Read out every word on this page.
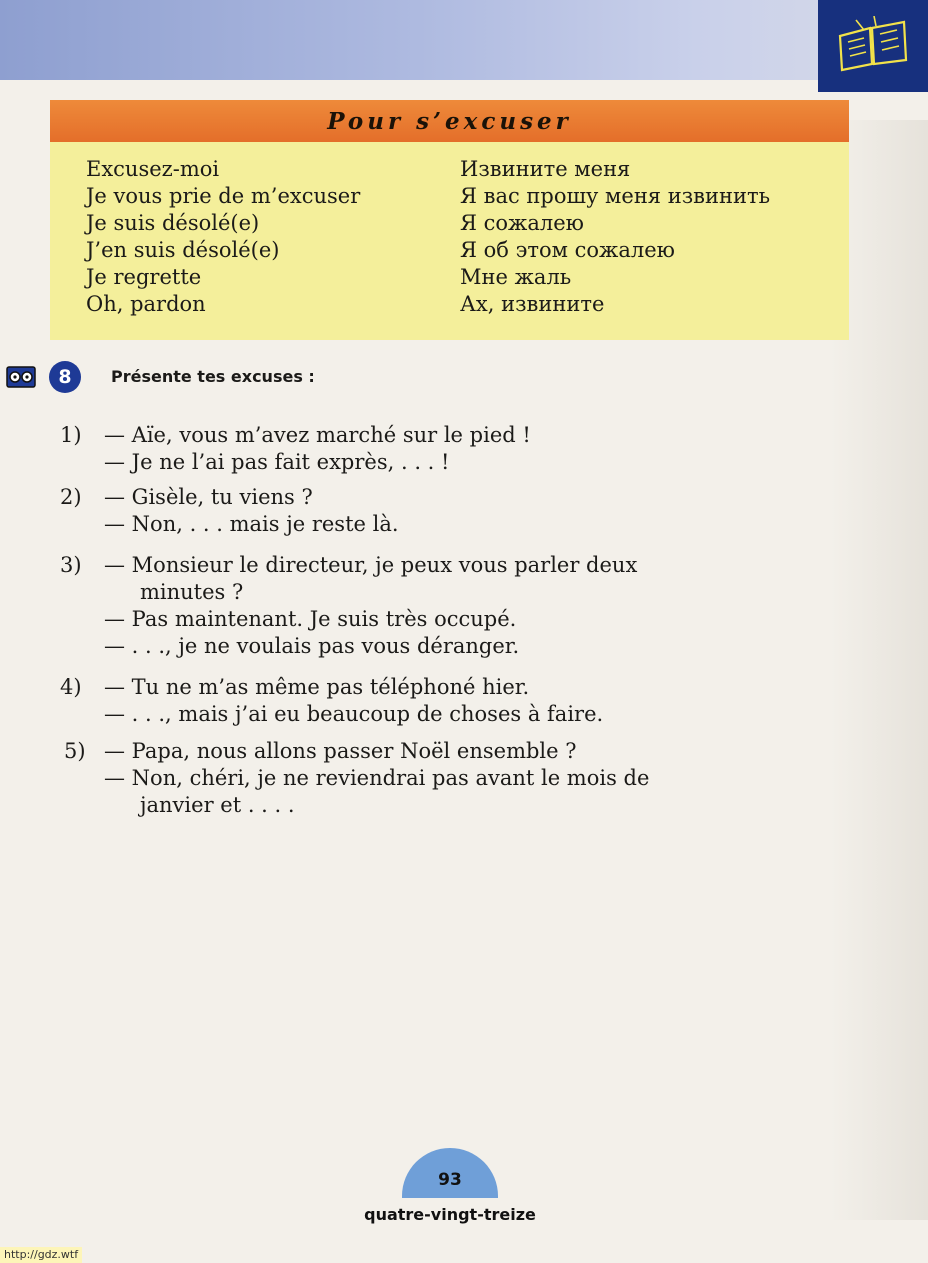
Pour s’excuser
Excusez-moi
Je vous prie de m’excuser
Je suis désolé(e)
J’en suis désolé(e)
Je regrette
Oh, pardon
Извините меня
Я вас прошу меня извинить
Я сожалею
Я об этом сожалею
Мне жаль
Ах, извините
8	Présente tes excuses :
1) — Aïe, vous m’avez marché sur le pied !
— Je ne l’ai pas fait exprès, . . . !
2) — Gisèle, tu viens ?
— Non, . . . mais je reste là.
3) — Monsieur le directeur, je peux vous parler deux
minutes ?
— Pas maintenant. Je suis très occupé.
— . . ., je ne voulais pas vous déranger.
4) — Tu ne m’as même pas téléphoné hier.
— . . ., mais j’ai eu beaucoup de choses à faire.
5) — Papa, nous allons passer Noël ensemble ?
— Non, chéri, je ne reviendrai pas avant le mois de
janvier et . . . .
93
quatre-vingt-treize
http://gdz.wtf
